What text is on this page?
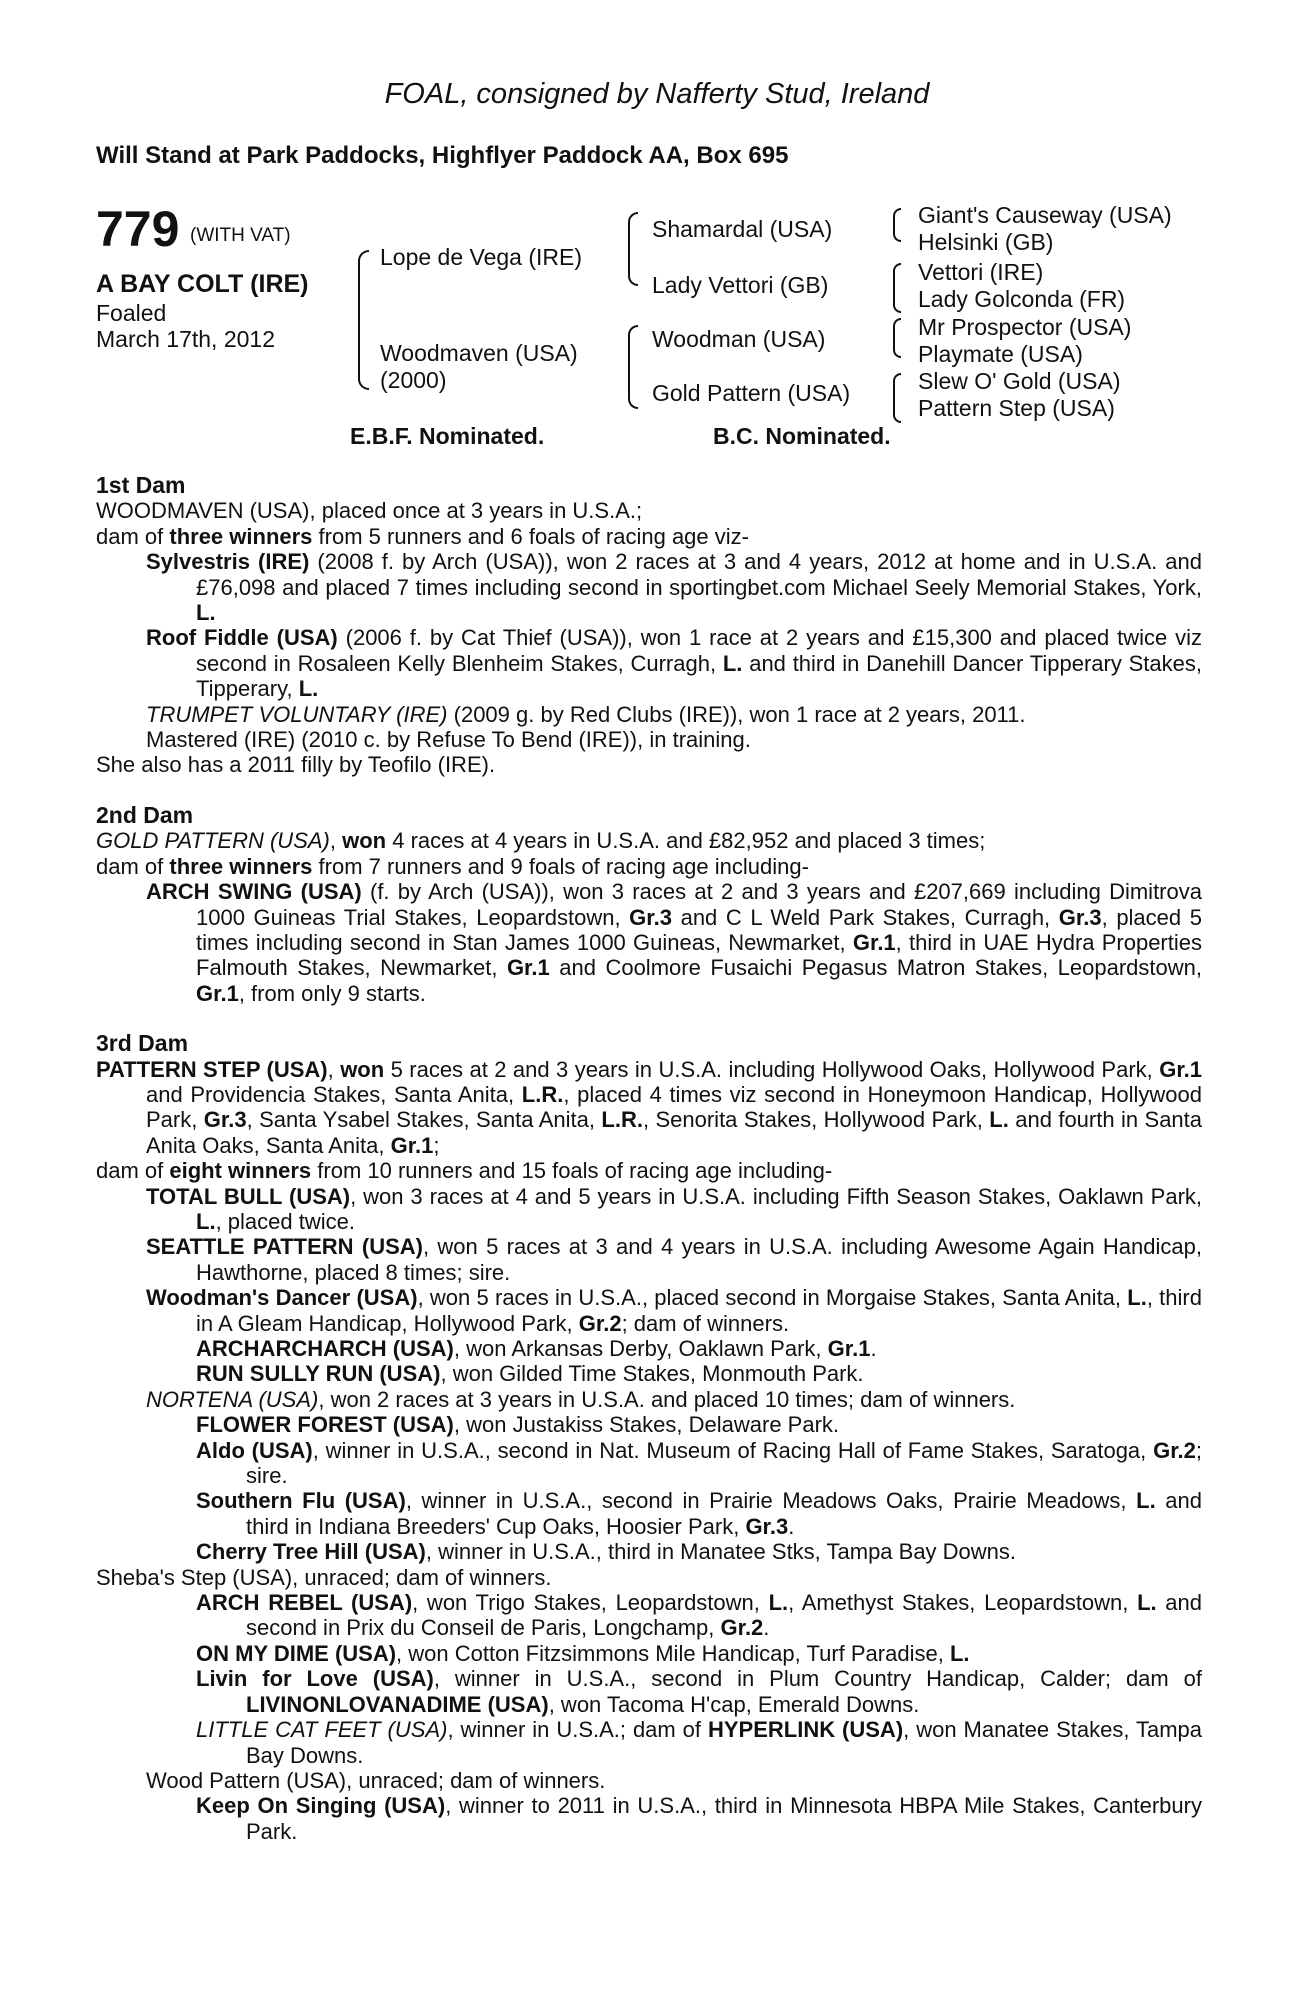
FOAL, consigned by Nafferty Stud, Ireland
Will Stand at Park Paddocks, Highflyer Paddock AA, Box 695
779 (WITH VAT)
A BAY COLT (IRE)
Foaled
March 17th, 2012
Lope de Vega (IRE)
Woodmaven (USA)
(2000)
Shamardal (USA)
Lady Vettori (GB)
Woodman (USA)
Gold Pattern (USA)
Giant's Causeway (USA)
Helsinki (GB)
Vettori (IRE)
Lady Golconda (FR)
Mr Prospector (USA)
Playmate (USA)
Slew O' Gold (USA)
Pattern Step (USA)
E.B.F. Nominated.	B.C. Nominated.
1st Dam
WOODMAVEN (USA), placed once at 3 years in U.S.A.;
dam of three winners from 5 runners and 6 foals of racing age viz-
Sylvestris (IRE) (2008 f. by Arch (USA)), won 2 races at 3 and 4 years, 2012 at home and in U.S.A. and £76,098 and placed 7 times including second in sportingbet.com Michael Seely Memorial Stakes, York, L.
Roof Fiddle (USA) (2006 f. by Cat Thief (USA)), won 1 race at 2 years and £15,300 and placed twice viz second in Rosaleen Kelly Blenheim Stakes, Curragh, L. and third in Danehill Dancer Tipperary Stakes, Tipperary, L.
TRUMPET VOLUNTARY (IRE) (2009 g. by Red Clubs (IRE)), won 1 race at 2 years, 2011.
Mastered (IRE) (2010 c. by Refuse To Bend (IRE)), in training.
She also has a 2011 filly by Teofilo (IRE).
2nd Dam
GOLD PATTERN (USA), won 4 races at 4 years in U.S.A. and £82,952 and placed 3 times;
dam of three winners from 7 runners and 9 foals of racing age including-
ARCH SWING (USA) (f. by Arch (USA)), won 3 races at 2 and 3 years and £207,669 including Dimitrova 1000 Guineas Trial Stakes, Leopardstown, Gr.3 and C L Weld Park Stakes, Curragh, Gr.3, placed 5 times including second in Stan James 1000 Guineas, Newmarket, Gr.1, third in UAE Hydra Properties Falmouth Stakes, Newmarket, Gr.1 and Coolmore Fusaichi Pegasus Matron Stakes, Leopardstown, Gr.1, from only 9 starts.
3rd Dam
PATTERN STEP (USA), won 5 races at 2 and 3 years in U.S.A. including Hollywood Oaks, Hollywood Park, Gr.1 and Providencia Stakes, Santa Anita, L.R., placed 4 times viz second in Honeymoon Handicap, Hollywood Park, Gr.3, Santa Ysabel Stakes, Santa Anita, L.R., Senorita Stakes, Hollywood Park, L. and fourth in Santa Anita Oaks, Santa Anita, Gr.1;
dam of eight winners from 10 runners and 15 foals of racing age including-
TOTAL BULL (USA), won 3 races at 4 and 5 years in U.S.A. including Fifth Season Stakes, Oaklawn Park, L., placed twice.
SEATTLE PATTERN (USA), won 5 races at 3 and 4 years in U.S.A. including Awesome Again Handicap, Hawthorne, placed 8 times; sire.
Woodman's Dancer (USA), won 5 races in U.S.A., placed second in Morgaise Stakes, Santa Anita, L., third in A Gleam Handicap, Hollywood Park, Gr.2; dam of winners.
ARCHARCHARCH (USA), won Arkansas Derby, Oaklawn Park, Gr.1.
RUN SULLY RUN (USA), won Gilded Time Stakes, Monmouth Park.
NORTENA (USA), won 2 races at 3 years in U.S.A. and placed 10 times; dam of winners.
FLOWER FOREST (USA), won Justakiss Stakes, Delaware Park.
Aldo (USA), winner in U.S.A., second in Nat. Museum of Racing Hall of Fame Stakes, Saratoga, Gr.2; sire.
Southern Flu (USA), winner in U.S.A., second in Prairie Meadows Oaks, Prairie Meadows, L. and third in Indiana Breeders' Cup Oaks, Hoosier Park, Gr.3.
Cherry Tree Hill (USA), winner in U.S.A., third in Manatee Stks, Tampa Bay Downs.
Sheba's Step (USA), unraced; dam of winners.
ARCH REBEL (USA), won Trigo Stakes, Leopardstown, L., Amethyst Stakes, Leopardstown, L. and second in Prix du Conseil de Paris, Longchamp, Gr.2.
ON MY DIME (USA), won Cotton Fitzsimmons Mile Handicap, Turf Paradise, L.
Livin for Love (USA), winner in U.S.A., second in Plum Country Handicap, Calder; dam of LIVINONLOVANADIME (USA), won Tacoma H'cap, Emerald Downs.
LITTLE CAT FEET (USA), winner in U.S.A.; dam of HYPERLINK (USA), won Manatee Stakes, Tampa Bay Downs.
Wood Pattern (USA), unraced; dam of winners.
Keep On Singing (USA), winner to 2011 in U.S.A., third in Minnesota HBPA Mile Stakes, Canterbury Park.
